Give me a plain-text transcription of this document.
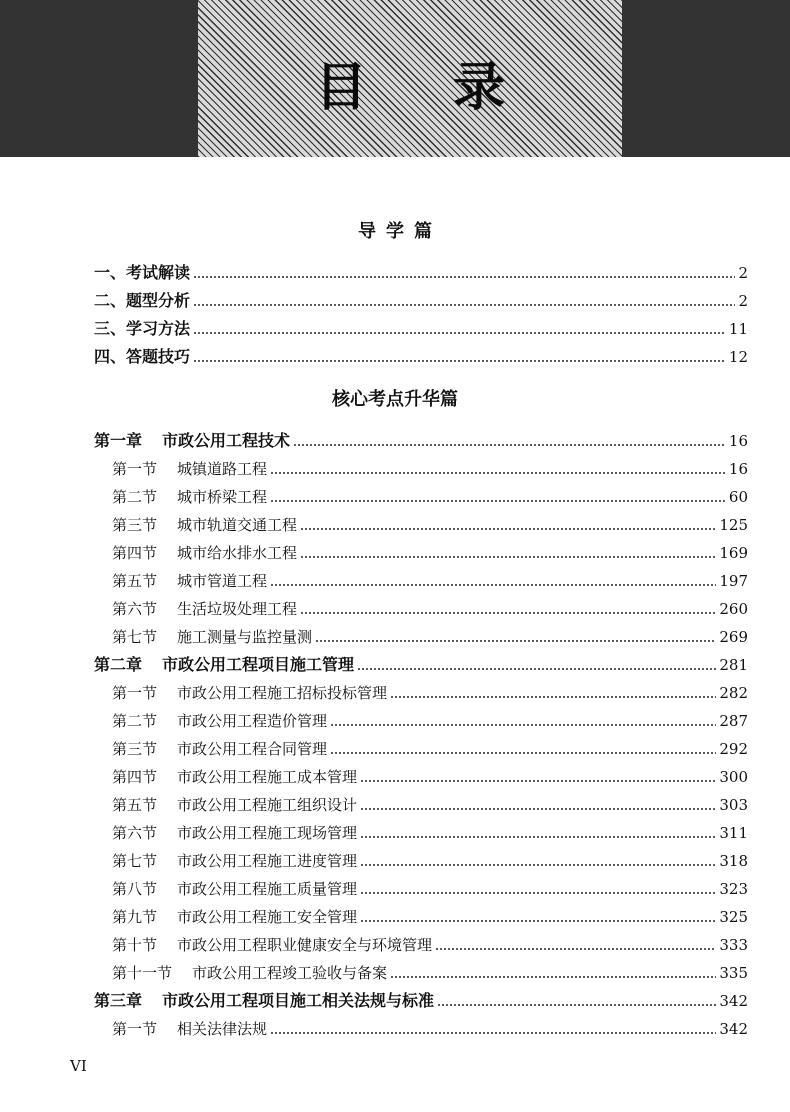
目 录
导学篇
一、考试解读	2
二、题型分析	2
三、学习方法	11
四、答题技巧	12
核心考点升华篇
第一章 市政公用工程技术	16
第一节 城镇道路工程	16
第二节 城市桥梁工程	60
第三节 城市轨道交通工程	125
第四节 城市给水排水工程	169
第五节 城市管道工程	197
第六节 生活垃圾处理工程	260
第七节 施工测量与监控量测	269
第二章 市政公用工程项目施工管理	281
第一节 市政公用工程施工招标投标管理	282
第二节 市政公用工程造价管理	287
第三节 市政公用工程合同管理	292
第四节 市政公用工程施工成本管理	300
第五节 市政公用工程施工组织设计	303
第六节 市政公用工程施工现场管理	311
第七节 市政公用工程施工进度管理	318
第八节 市政公用工程施工质量管理	323
第九节 市政公用工程施工安全管理	325
第十节 市政公用工程职业健康安全与环境管理	333
第十一节 市政公用工程竣工验收与备案	335
第三章 市政公用工程项目施工相关法规与标准	342
第一节 相关法律法规	342
VI
